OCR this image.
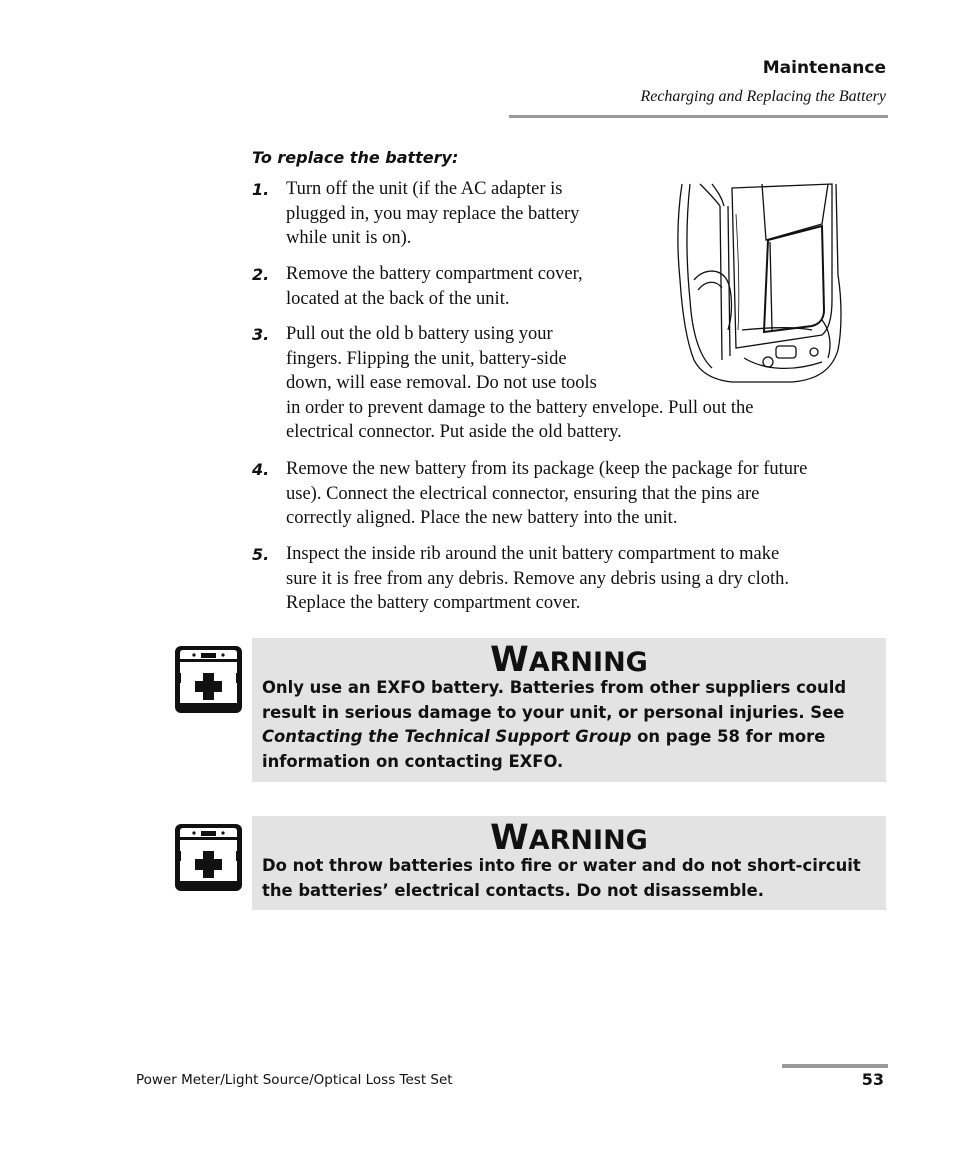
Maintenance
Recharging and Replacing the Battery
To replace the battery:
1. Turn off the unit (if the AC adapter is
plugged in, you may replace the battery
while unit is on).
2. Remove the battery compartment cover,
located at the back of the unit.
3. Pull out the old b battery using your
fingers. Flipping the unit, battery-side
down, will ease removal. Do not use tools
in order to prevent damage to the battery envelope. Pull out the
electrical connector. Put aside the old battery.
4. Remove the new battery from its package (keep the package for future
use). Connect the electrical connector, ensuring that the pins are
correctly aligned. Place the new battery into the unit.
5. Inspect the inside rib around the unit battery compartment to make
sure it is free from any debris. Remove any debris using a dry cloth.
Replace the battery compartment cover.
WARNING
Only use an EXFO battery. Batteries from other suppliers could
result in serious damage to your unit, or personal injuries. See
Contacting the Technical Support Group on page 58 for more
information on contacting EXFO.
WARNING
Do not throw batteries into fire or water and do not short-circuit
the batteries’ electrical contacts. Do not disassemble.
Power Meter/Light Source/Optical Loss Test Set	53
